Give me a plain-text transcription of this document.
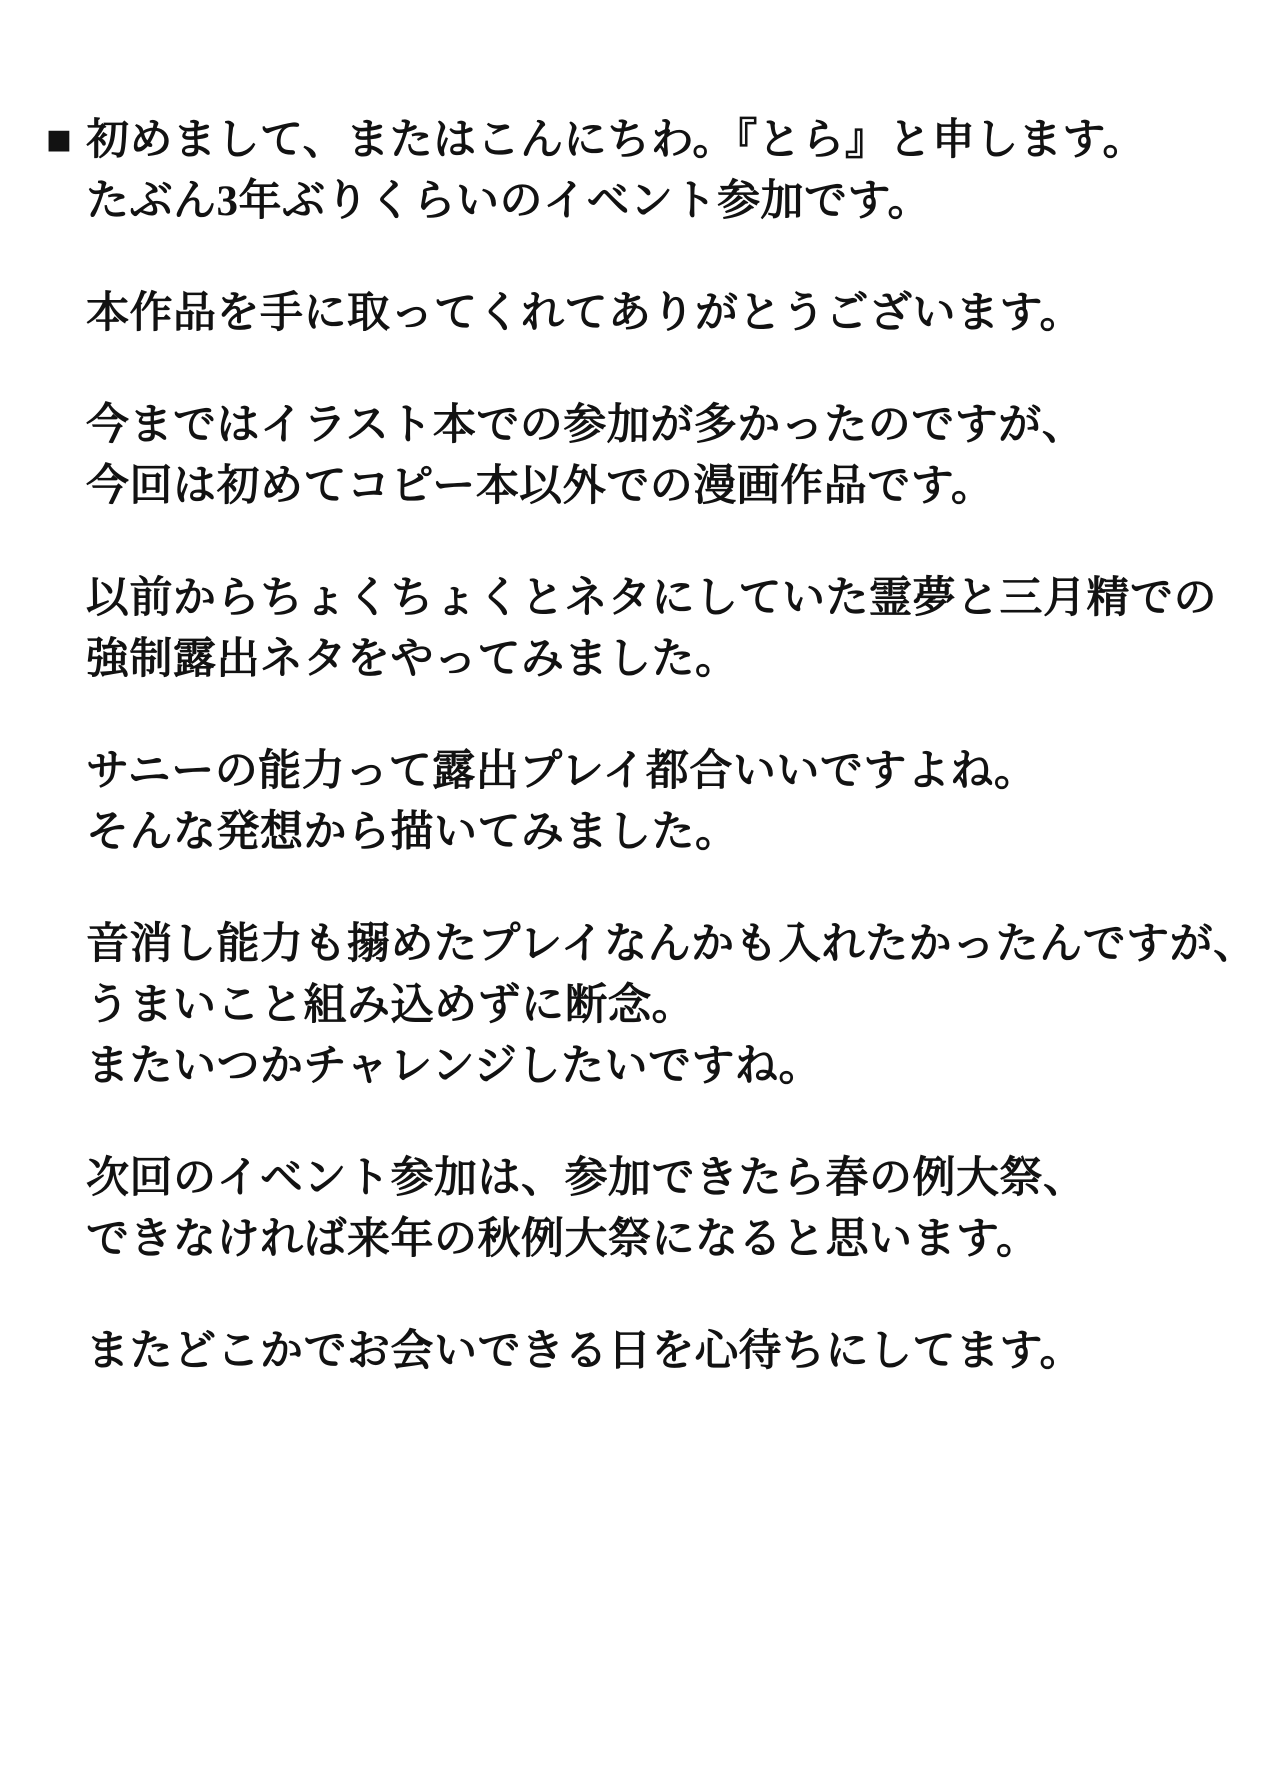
■ 初めまして、またはこんにちわ。『とら』と申します。
たぶん3年ぶりくらいのイベント参加です。
本作品を手に取ってくれてありがとうございます。
今まではイラスト本での参加が多かったのですが、
今回は初めてコピー本以外での漫画作品です。
以前からちょくちょくとネタにしていた霊夢と三月精での
強制露出ネタをやってみました。
サニーの能力って露出プレイ都合いいですよね。
そんな発想から描いてみました。
音消し能力も搦めたプレイなんかも入れたかったんですが、
うまいこと組み込めずに断念。
またいつかチャレンジしたいですね。
次回のイベント参加は、参加できたら春の例大祭、
できなければ来年の秋例大祭になると思います。
またどこかでお会いできる日を心待ちにしてます。
